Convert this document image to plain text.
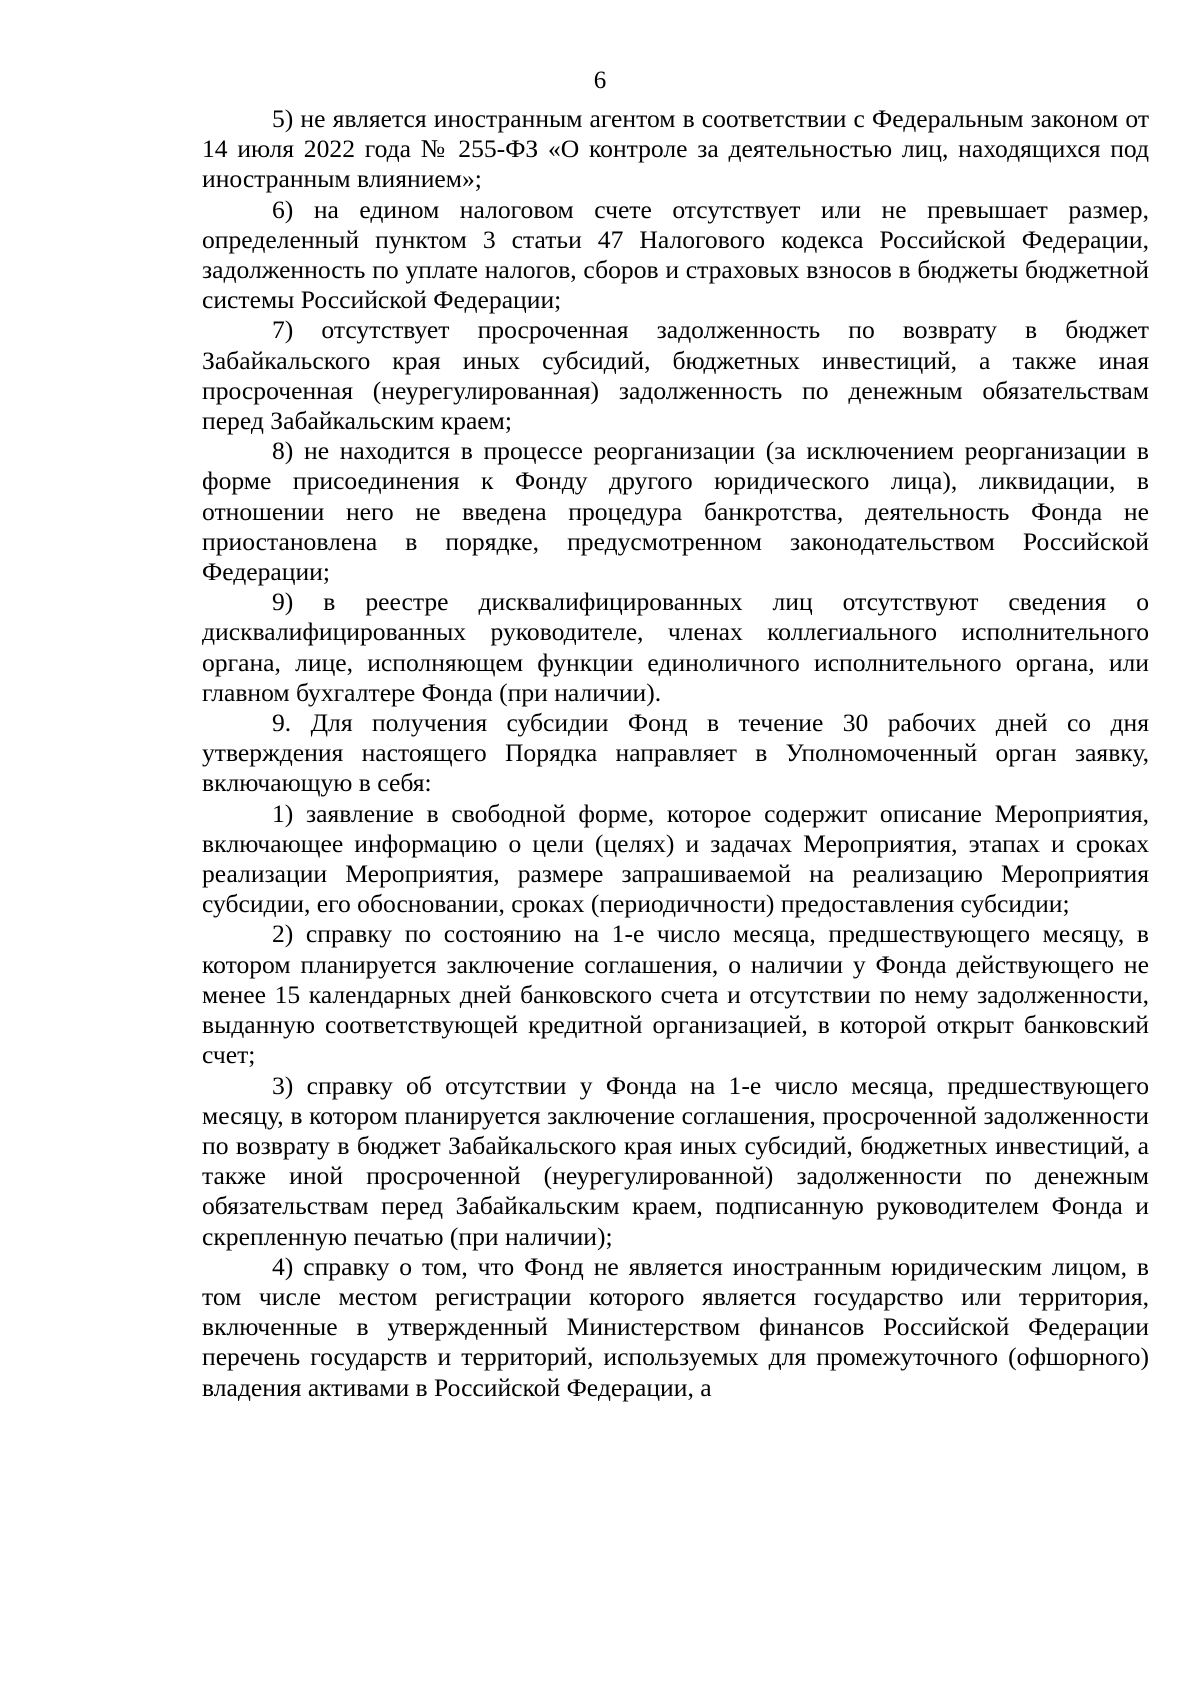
6

5) не является иностранным агентом в соответствии с Федеральным законом от 14 июля 2022 года № 255-ФЗ «О контроле за деятельностью лиц, находящихся под иностранным влиянием»;

6) на едином налоговом счете отсутствует или не превышает размер, определенный пунктом 3 статьи 47 Налогового кодекса Российской Федерации, задолженность по уплате налогов, сборов и страховых взносов в бюджеты бюджетной системы Российской Федерации;

7) отсутствует просроченная задолженность по возврату в бюджет Забайкальского края иных субсидий, бюджетных инвестиций, а также иная просроченная (неурегулированная) задолженность по денежным обязательствам перед Забайкальским краем;

8) не находится в процессе реорганизации (за исключением реорганизации в форме присоединения к Фонду другого юридического лица), ликвидации, в отношении него не введена процедура банкротства, деятельность Фонда не приостановлена в порядке, предусмотренном законодательством Российской Федерации;

9) в реестре дисквалифицированных лиц отсутствуют сведения о дисквалифицированных руководителе, членах коллегиального исполнительного органа, лице, исполняющем функции единоличного исполнительного органа, или главном бухгалтере Фонда (при наличии).

9. Для получения субсидии Фонд в течение 30 рабочих дней со дня утверждения настоящего Порядка направляет в Уполномоченный орган заявку, включающую в себя:

1) заявление в свободной форме, которое содержит описание Мероприятия, включающее информацию о цели (целях) и задачах Мероприятия, этапах и сроках реализации Мероприятия, размере запрашиваемой на реализацию Мероприятия субсидии, его обосновании, сроках (периодичности) предоставления субсидии;

2) справку по состоянию на 1-е число месяца, предшествующего месяцу, в котором планируется заключение соглашения, о наличии у Фонда действующего не менее 15 календарных дней банковского счета и отсутствии по нему задолженности, выданную соответствующей кредитной организацией, в которой открыт банковский счет;

3) справку об отсутствии у Фонда на 1-е число месяца, предшествующего месяцу, в котором планируется заключение соглашения, просроченной задолженности по возврату в бюджет Забайкальского края иных субсидий, бюджетных инвестиций, а также иной просроченной (неурегулированной) задолженности по денежным обязательствам перед Забайкальским краем, подписанную руководителем Фонда и скрепленную печатью (при наличии);

4) справку о том, что Фонд не является иностранным юридическим лицом, в том числе местом регистрации которого является государство или территория, включенные в утвержденный Министерством финансов Российской Федерации перечень государств и территорий, используемых для промежуточного (офшорного) владения активами в Российской Федерации, а
